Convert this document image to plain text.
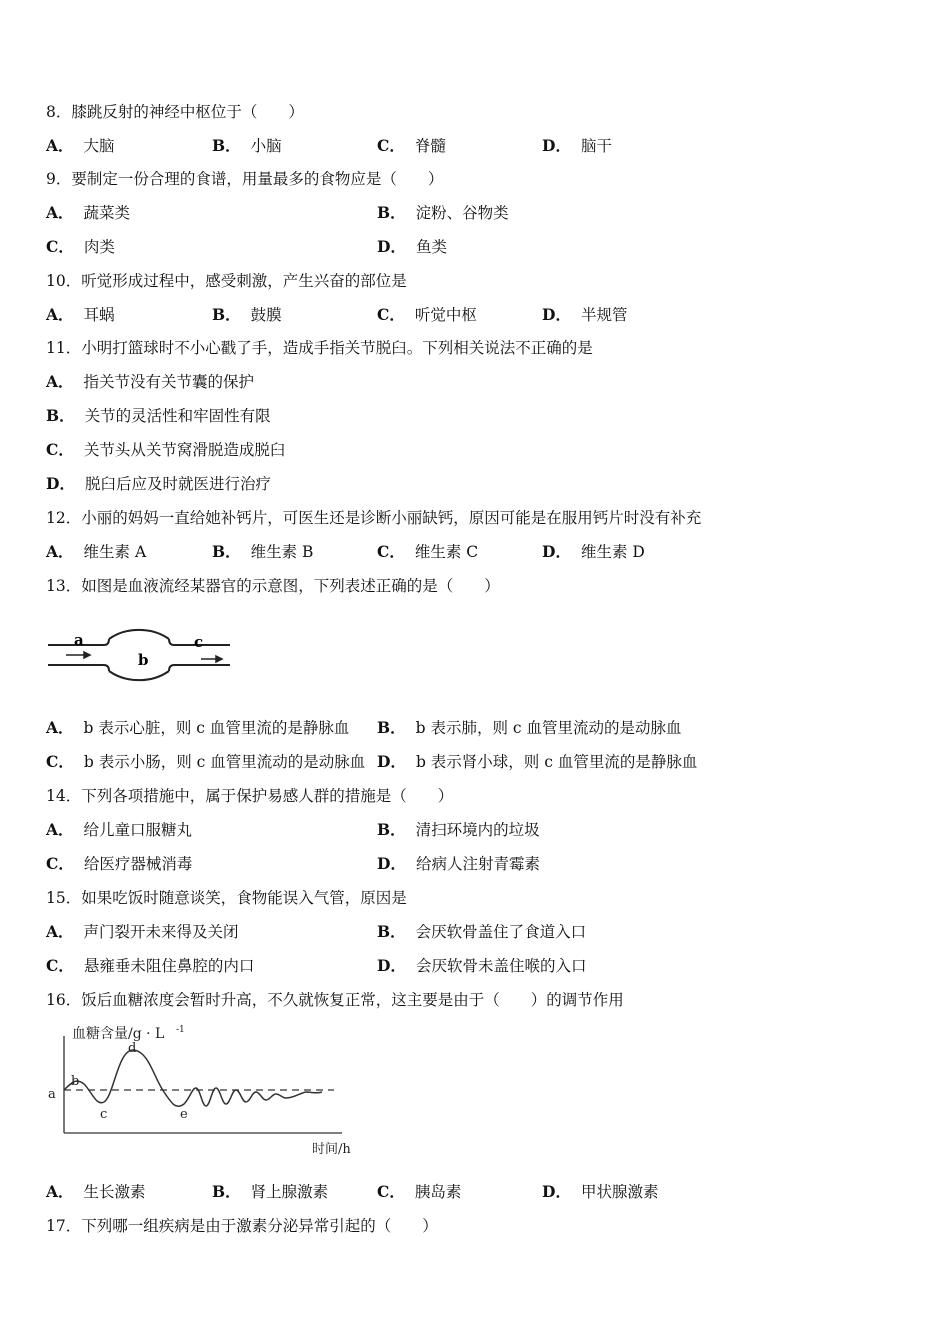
8．膝跳反射的神经中枢位于（　　）
A． 大脑	B． 小脑	C． 脊髓	D． 脑干
9．要制定一份合理的食谱，用量最多的食物应是（　　）
A． 蔬菜类	B． 淀粉、谷物类
C． 肉类	D． 鱼类
10．听觉形成过程中，感受刺激，产生兴奋的部位是
A． 耳蜗	B． 鼓膜	C． 听觉中枢	D． 半规管
11．小明打篮球时不小心戳了手，造成手指关节脱臼。下列相关说法不正确的是
A． 指关节没有关节囊的保护
B． 关节的灵活性和牢固性有限
C． 关节头从关节窝滑脱造成脱臼
D． 脱臼后应及时就医进行治疗
12．小丽的妈妈一直给她补钙片，可医生还是诊断小丽缺钙，原因可能是在服用钙片时没有补充
A． 维生素 A	B． 维生素 B	C． 维生素 C	D． 维生素 D
13．如图是血液流经某器官的示意图，下列表述正确的是（　　）
a
b
c
A． b 表示心脏，则 c 血管里流的是静脉血 B． b 表示肺，则 c 血管里流动的是动脉血
C． b 表示小肠，则 c 血管里流动的是动脉血 D． b 表示肾小球，则 c 血管里流的是静脉血
14．下列各项措施中，属于保护易感人群的措施是（　　）
A． 给儿童口服糖丸	B． 清扫环境内的垃圾
C． 给医疗器械消毒	D． 给病人注射青霉素
15．如果吃饭时随意谈笑，食物能误入气管，原因是
A． 声门裂开未来得及关闭	B． 会厌软骨盖住了食道入口
C． 悬雍垂未阻住鼻腔的内口	D． 会厌软骨未盖住喉的入口
16．饭后血糖浓度会暂时升高，不久就恢复正常，这主要是由于（　　）的调节作用
血糖含量/g · L -1
a
b
c
d
e
时间/h
A． 生长激素	B． 肾上腺激素	C． 胰岛素	D． 甲状腺激素
17．下列哪一组疾病是由于激素分泌异常引起的（　　）
